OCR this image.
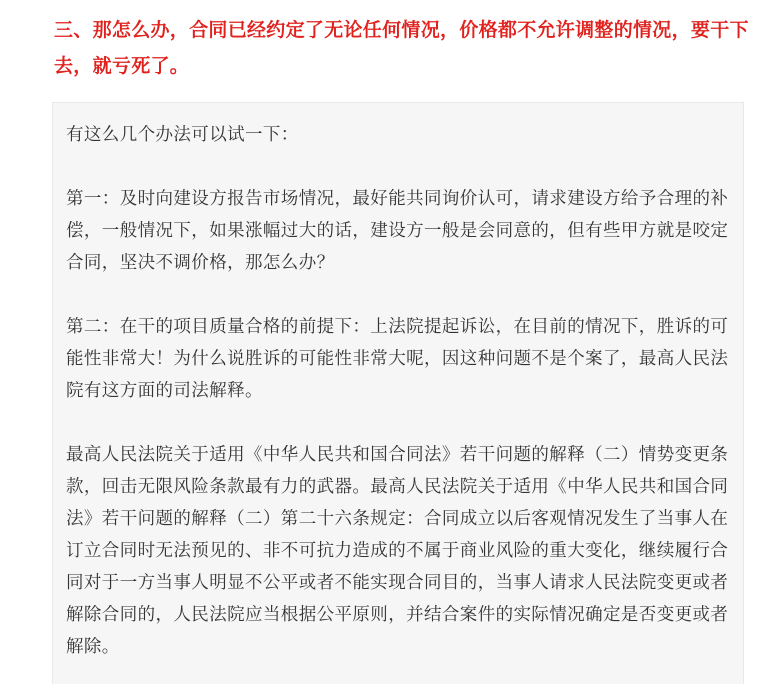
三、那怎么办，合同已经约定了无论任何情况，价格都不允许调整的情况，要干下去，就亏死了。

有这么几个办法可以试一下：

第一：及时向建设方报告市场情况，最好能共同询价认可，请求建设方给予合理的补偿，一般情况下，如果涨幅过大的话，建设方一般是会同意的，但有些甲方就是咬定合同，坚决不调价格，那怎么办？

第二：在干的项目质量合格的前提下：上法院提起诉讼，在目前的情况下，胜诉的可能性非常大！为什么说胜诉的可能性非常大呢，因这种问题不是个案了，最高人民法院有这方面的司法解释。

最高人民法院关于适用《中华人民共和国合同法》若干问题的解释（二）情势变更条款，回击无限风险条款最有力的武器。最高人民法院关于适用《中华人民共和国合同法》若干问题的解释（二）第二十六条规定：合同成立以后客观情况发生了当事人在订立合同时无法预见的、非不可抗力造成的不属于商业风险的重大变化，继续履行合同对于一方当事人明显不公平或者不能实现合同目的，当事人请求人民法院变更或者解除合同的，人民法院应当根据公平原则，并结合案件的实际情况确定是否变更或者解除。
